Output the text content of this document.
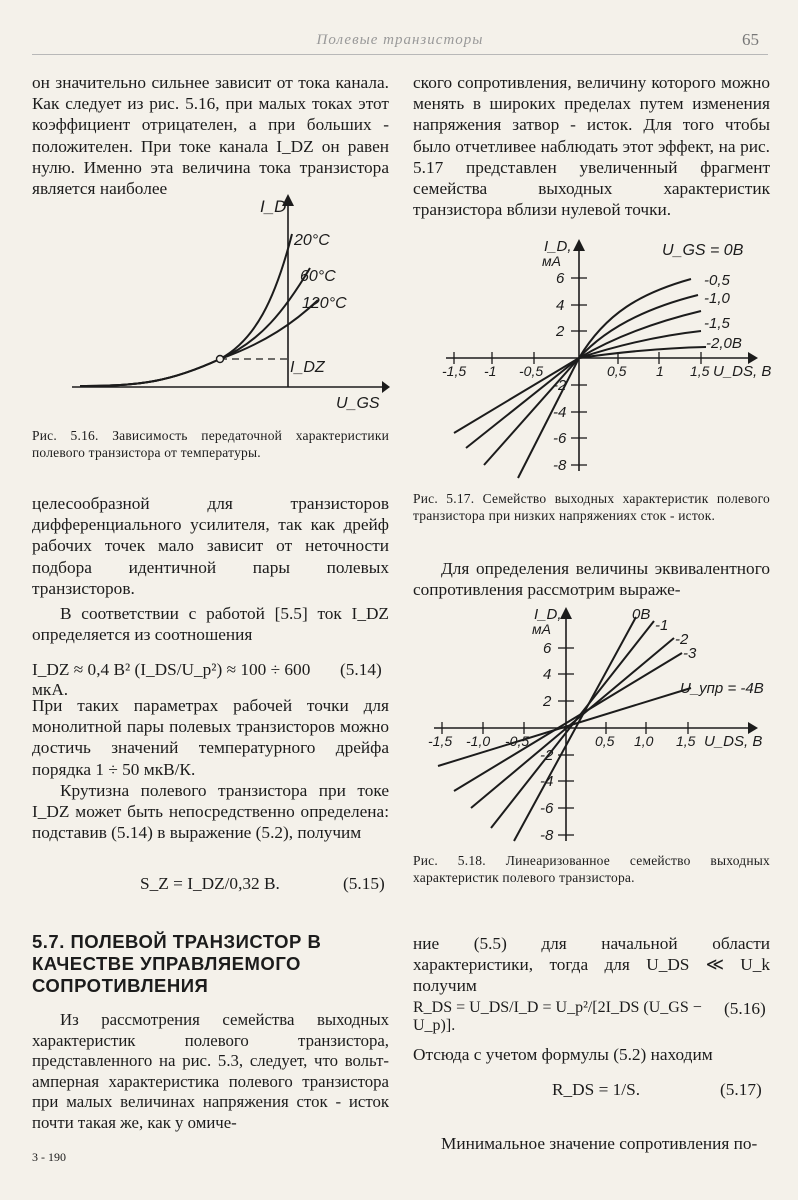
Полевые транзисторы	65

он значительно сильнее зависит от тока канала. Как следует из рис. 5.16, при малых токах этот коэффициент отрицателен, а при больших - положителен. При токе канала I_DZ он равен нулю. Именно эта величина тока транзистора является наиболее

I_D
20°C
60°C
120°C
I_DZ
U_GS
Рис. 5.16. Зависимость передаточной характеристики полевого транзистора от температуры.

целесообразной для транзисторов дифференциального усилителя, так как дрейф рабочих точек мало зависит от неточности подбора идентичной пары полевых транзисторов.

В соответствии с работой [5.5] ток I_DZ определяется из соотношения

I_DZ ≈ 0,4 B² (I_DS/U_p²) ≈ 100 ÷ 600 мкА.
(5.14)

При таких параметрах рабочей точки для монолитной пары полевых транзисторов можно достичь значений температурного дрейфа порядка 1 ÷ 50 мкВ/К.

Крутизна полевого транзистора при токе I_DZ может быть непосредственно определена: подставив (5.14) в выражение (5.2), получим

S_Z = I_DZ/0,32 В.	(5.15)
5.7. ПОЛЕВОЙ ТРАНЗИСТОР В КАЧЕСТВЕ УПРАВЛЯЕМОГО СОПРОТИВЛЕНИЯ

Из рассмотрения семейства выходных характеристик полевого транзистора, представленного на рис. 5.3, следует, что вольт-амперная характеристика полевого транзистора при малых величинах напряжения сток - исток почти такая же, как у омиче-

3 - 190

ского сопротивления, величину которого можно менять в широких пределах путем изменения напряжения затвор - исток. Для того чтобы было отчетливее наблюдать этот эффект, на рис. 5.17 представлен увеличенный фрагмент семейства выходных характеристик транзистора вблизи нулевой точки.

I_D,
мА
U_GS = 0В
-0,5
-1,0
-1,5
-2,0В
-1,5 -1 -0,5	0,5 1 1,5 U_DS, В
6
4
2
-2
-4
-6
-8
Рис. 5.17. Семейство выходных характеристик полевого транзистора при низких напряжениях сток - исток.

Для определения величины эквивалентного сопротивления рассмотрим выраже-

I_D,
мА
0В
-1
-2
-3
U_упр = -4В
-1,5 -1,0 -0,5	0,5 1,0 1,5 U_DS, В
6
4
2
-2
-4
-6
-8
Рис. 5.18. Линеаризованное семейство выходных характеристик полевого транзистора.

ние (5.5) для начальной области характеристики, тогда для U_DS ≪ U_k получим

R_DS = U_DS/I_D = U_p²/[2I_DS (U_GS − U_p)].
(5.16)

Отсюда с учетом формулы (5.2) находим

R_DS = 1/S.	(5.17)

Минимальное значение сопротивления по-
